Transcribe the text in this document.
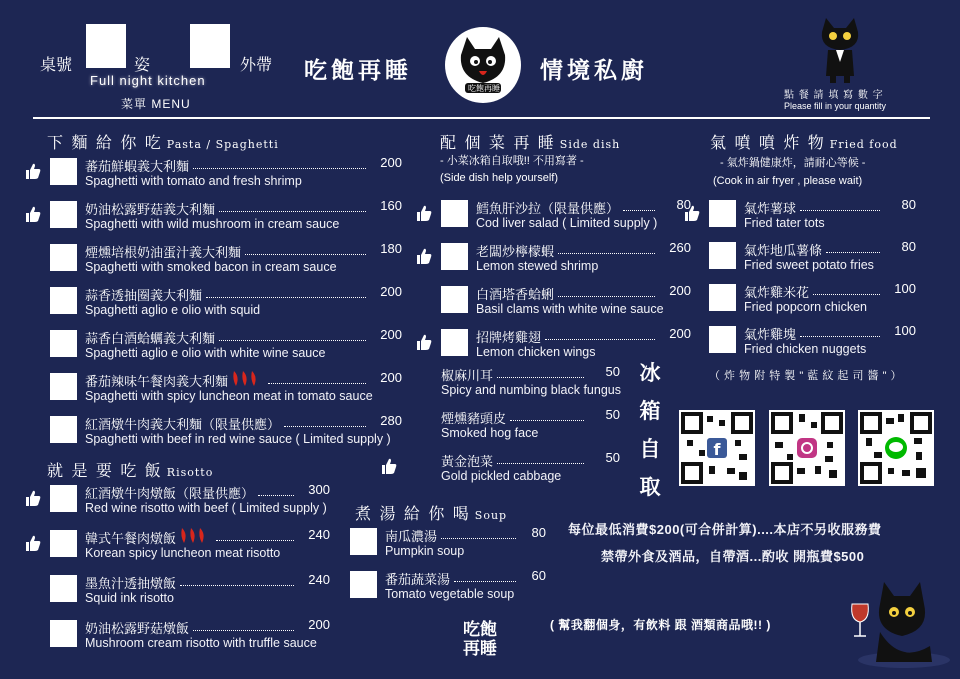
桌號	姿	外帶
Full night kitchen
菜單 MENU
吃飽再睡
吃飽再睡
情境私廚
點 餐 請 填 寫 數 字
Please fill in your quantity
下 麵 給 你 吃 Pasta / Spaghetti
蕃茄鮮蝦義大利麵	200
Spaghetti with tomato and fresh shrimp
奶油松露野菇義大利麵	160
Spaghetti with wild mushroom in cream sauce
煙燻培根奶油蛋汁義大利麵	180
Spaghetti with smoked bacon in cream sauce
蒜香透抽圈義大利麵	200
Spaghetti aglio e olio with squid
蒜香白酒蛤蠣義大利麵	200
Spaghetti aglio e olio with white wine sauce
番茄辣味午餐肉義大利麵	200
Spaghetti with spicy luncheon meat in tomato sauce
紅酒燉牛肉義大利麵（限量供應）	280
Spaghetti with beef in red wine sauce ( Limited supply )
就 是 要 吃 飯 Risotto
紅酒燉牛肉燉飯（限量供應）	300
Red wine risotto with beef ( Limited supply )
韓式午餐肉燉飯	240
Korean spicy luncheon meat risotto
墨魚汁透抽燉飯	240
Squid ink risotto
奶油松露野菇燉飯	200
Mushroom cream risotto with truffle sauce
配 個 菜 再 睡 Side dish
- 小菜冰箱自取哦!! 不用寫著 -
(Side dish help yourself)
鱈魚肝沙拉（限量供應）	80
Cod liver salad ( Limited supply )
老闆炒檸檬蝦	260
Lemon stewed shrimp
白酒塔香蛤蜊	200
Basil clams with white wine sauce
招牌烤雞翅	200
Lemon chicken wings
椒麻川耳	50
Spicy and numbing black fungus
煙燻豬頭皮	50
Smoked hog face
黃金泡菜	50
Gold pickled cabbage
冰
箱
自
取
煮 湯 給 你 喝 Soup
南瓜濃湯	80
Pumpkin soup
番茄蔬菜湯	60
Tomato vegetable soup
氣 噴 噴 炸 物 Fried food
- 氣炸鍋健康炸，請耐心等候 -
(Cook in air fryer , please wait)
氣炸薯球	80
Fried tater tots
氣炸地瓜薯條	80
Fried sweet potato fries
氣炸雞米花	100
Fried popcorn chicken
氣炸雞塊	100
Fried chicken nuggets
（ 炸 物 附 特 製 " 藍 紋 起 司 醬 " ）
f
每位最低消費$200(可合併計算)....本店不另收服務費
禁帶外食及酒品，自帶酒...酌收 開瓶費$500
( 幫我翻個身，有飲料 跟 酒類商品哦!! )
吃飽再睡
